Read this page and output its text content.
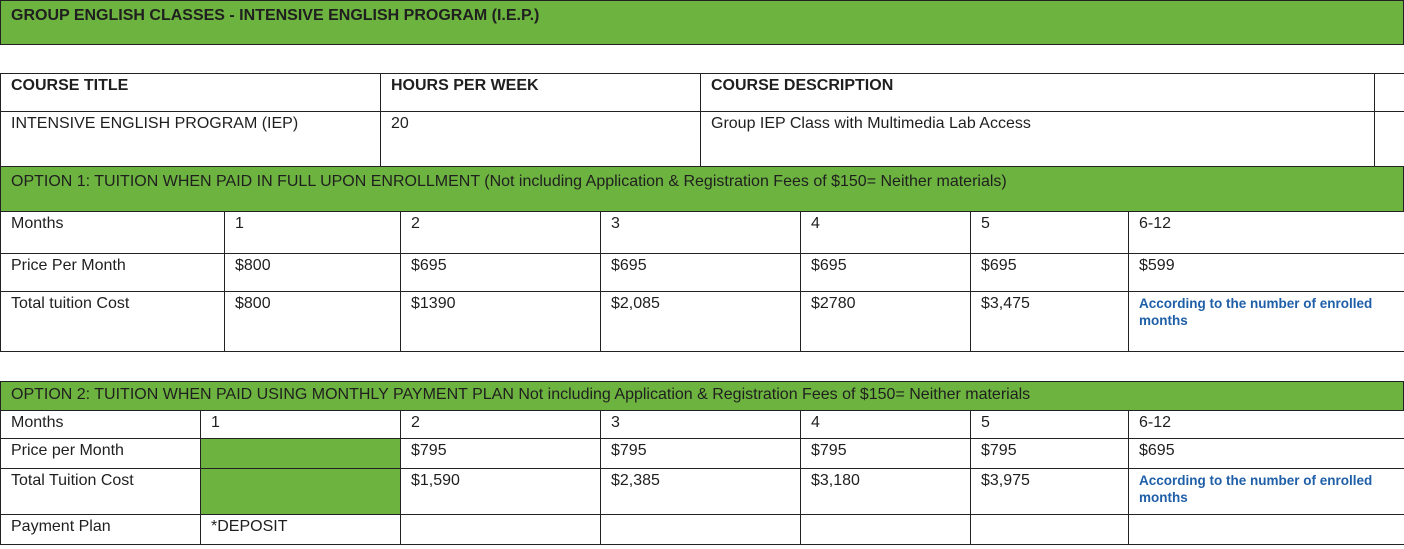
GROUP ENGLISH CLASSES - INTENSIVE ENGLISH PROGRAM (I.E.P.)
COURSE TITLE	HOURS PER WEEK	COURSE DESCRIPTION	
INTENSIVE ENGLISH PROGRAM (IEP)	20	Group IEP Class with Multimedia Lab Access	
OPTION 1: TUITION WHEN PAID IN FULL UPON ENROLLMENT (Not including Application & Registration Fees of $150= Neither materials)
Months	1	2	3	4	5	6-12
Price Per Month	$800	$695	$695	$695	$695	$599
Total tuition Cost	$800	$1390	$2,085	$2780	$3,475	According to the number of enrolled months
OPTION 2: TUITION WHEN PAID USING MONTHLY PAYMENT PLAN Not including Application & Registration Fees of $150= Neither materials
Months	1	2	3	4	5	6-12
Price per Month		$795	$795	$795	$795	$695
Total Tuition Cost		$1,590	$2,385	$3,180	$3,975	According to the number of enrolled months
Payment Plan	*DEPOSIT					
